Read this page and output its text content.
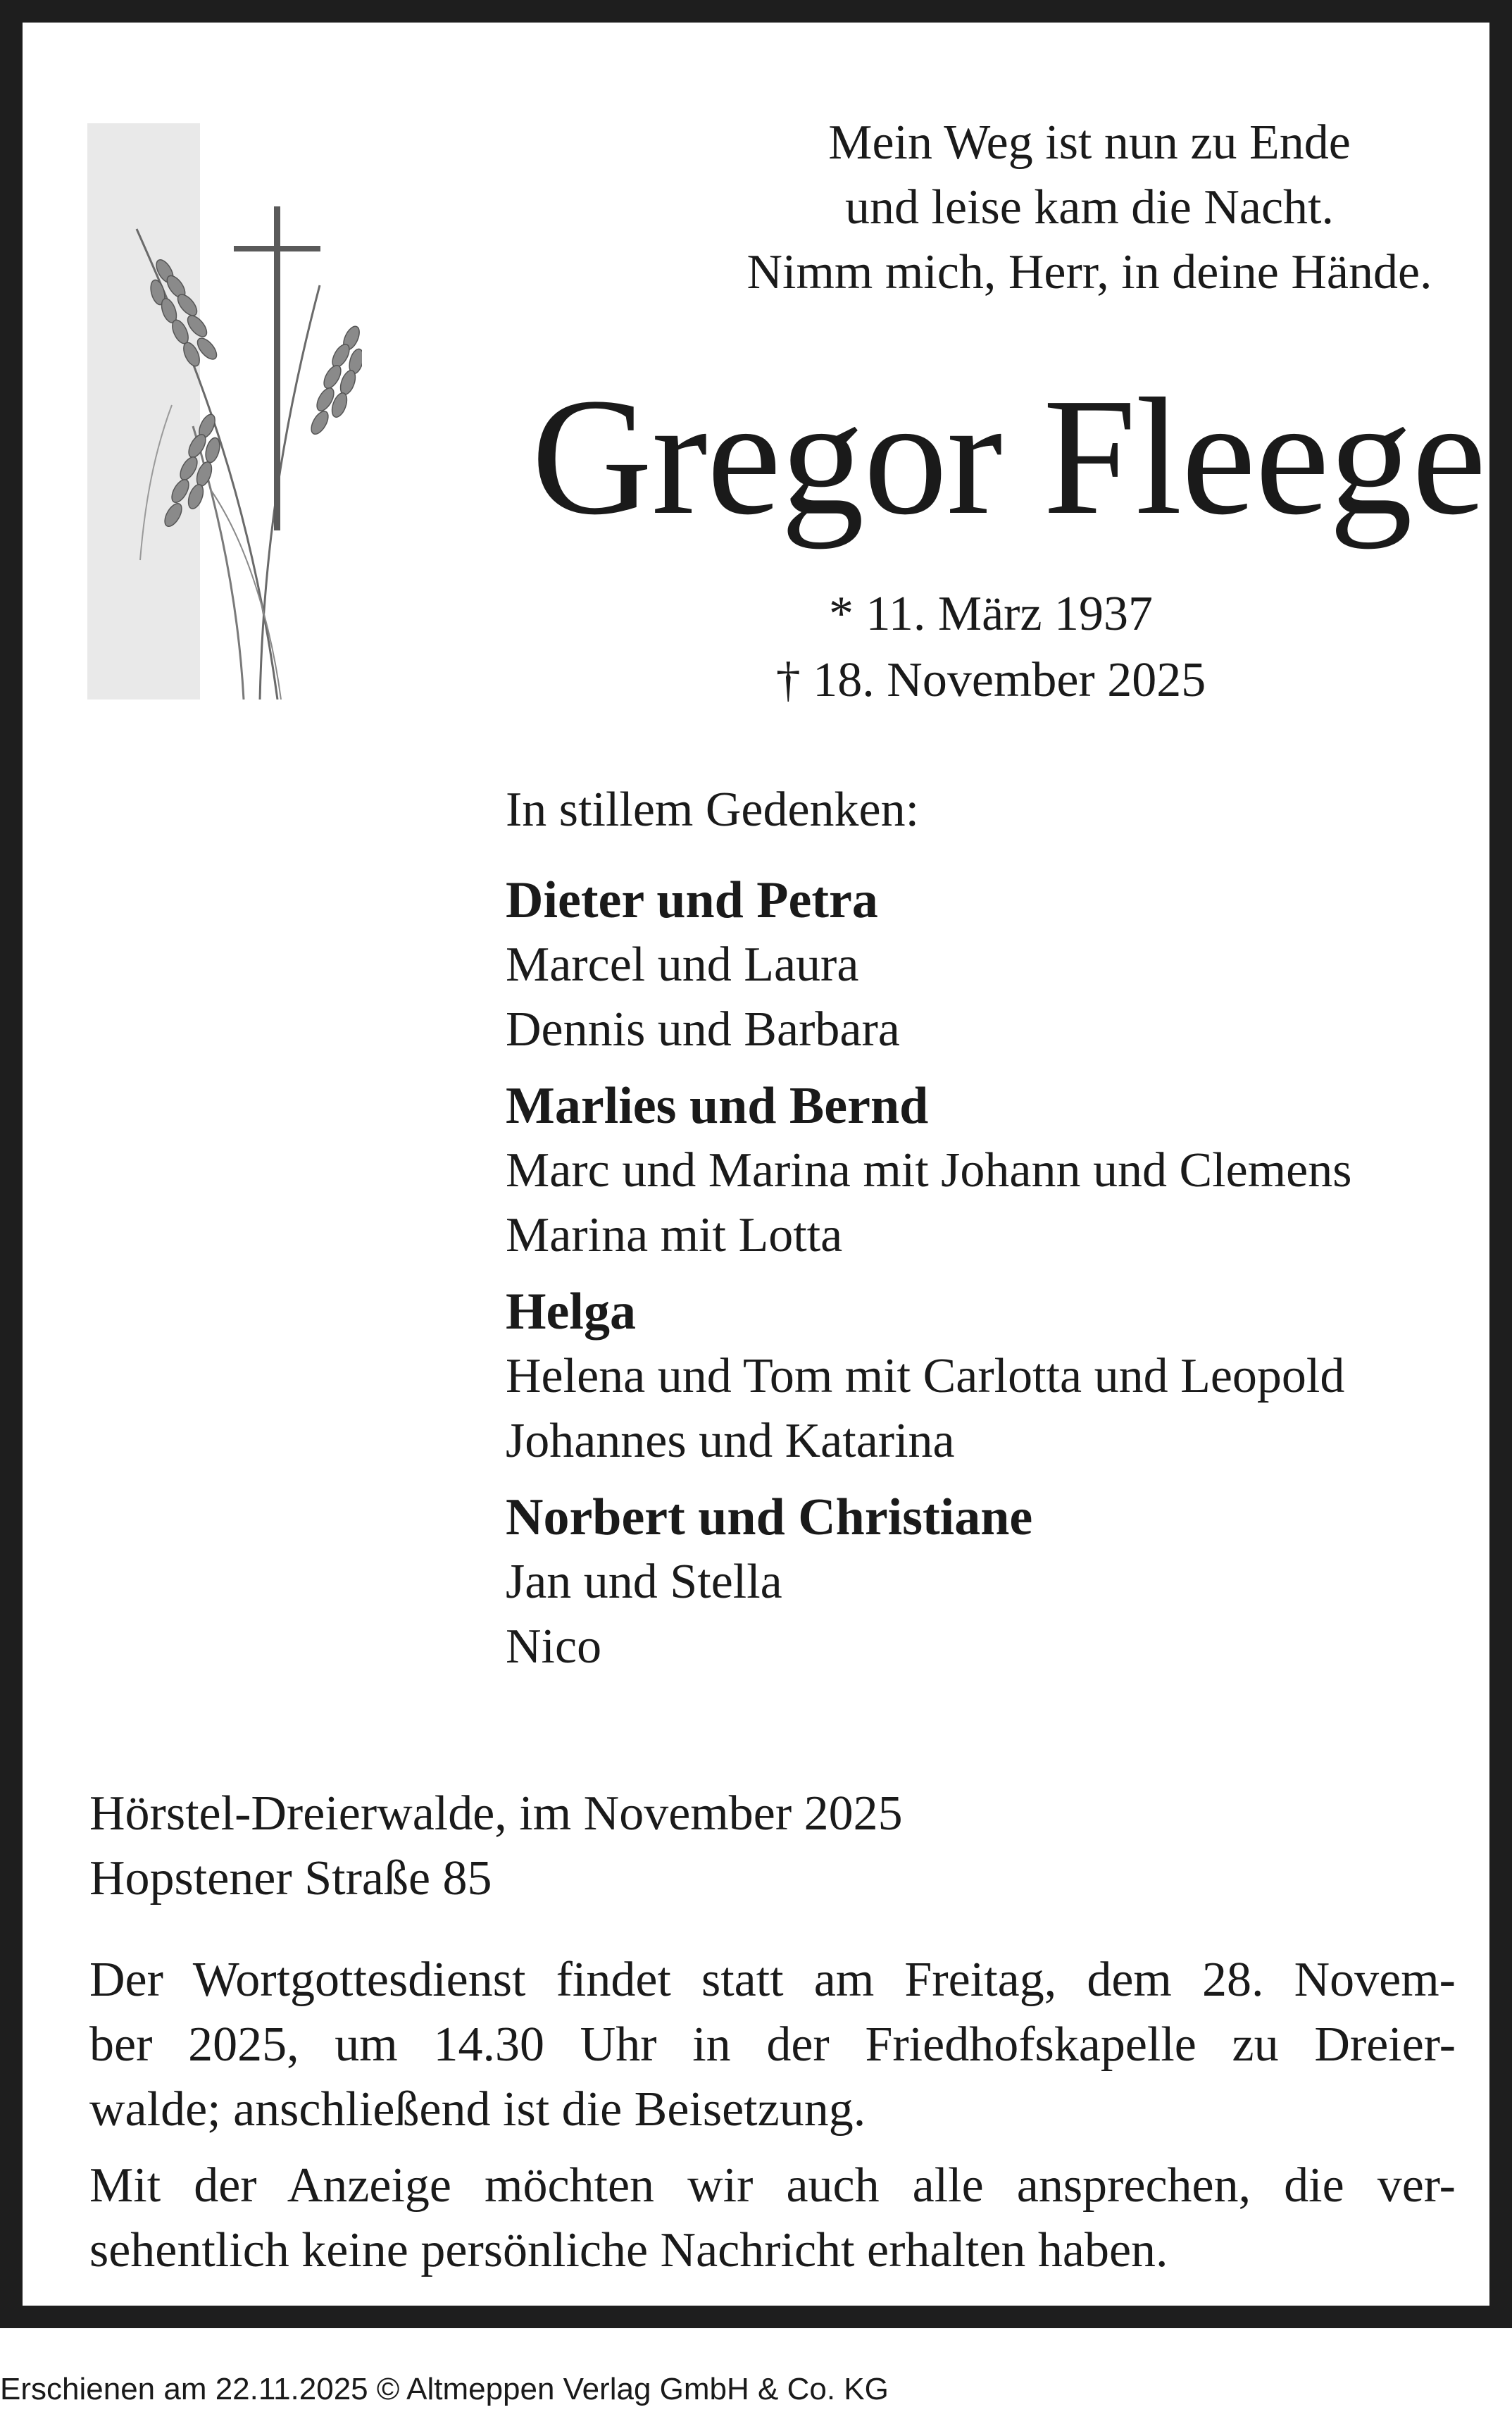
Mein Weg ist nun zu Ende
und leise kam die Nacht.
Nimm mich, Herr, in deine Hände.
Gregor Fleege
* 11. März 1937
† 18. November 2025
In stillem Gedenken:
Dieter und Petra
Marcel und Laura
Dennis und Barbara
Marlies und Bernd
Marc und Marina mit Johann und Clemens
Marina mit Lotta
Helga
Helena und Tom mit Carlotta und Leopold
Johannes und Katarina
Norbert und Christiane
Jan und Stella
Nico
Hörstel-Dreierwalde, im November 2025
Hopstener Straße 85
Der Wortgottesdienst findet statt am Freitag, dem 28. Novem-
ber 2025, um 14.30 Uhr in der Friedhofskapelle zu Dreier-
walde; anschließend ist die Beisetzung.
Mit der Anzeige möchten wir auch alle ansprechen, die ver-
sehentlich keine persönliche Nachricht erhalten haben.
Erschienen am 22.11.2025 © Altmeppen Verlag GmbH & Co. KG
